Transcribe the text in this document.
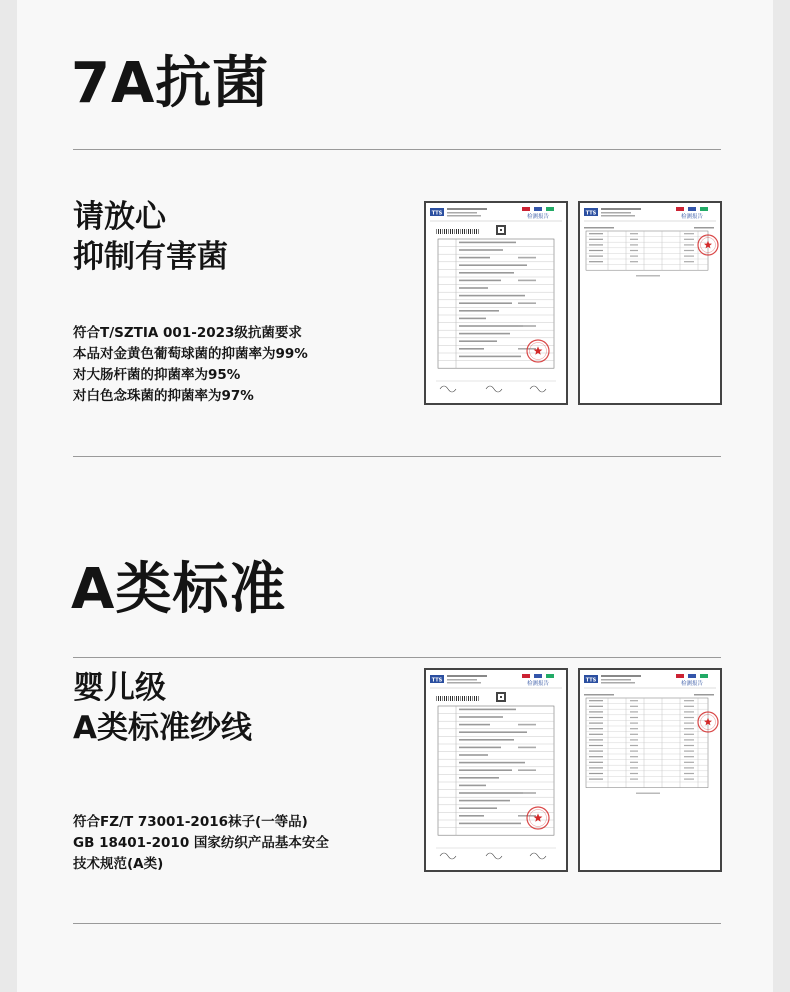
7A抗菌
请放心
抑制有害菌

符合T/SZTIA 001-2023级抗菌要求
本品对金黄色葡萄球菌的抑菌率为99%
对大肠杆菌的抑菌率为95%
对白色念珠菌的抑菌率为97%

TTS
检测报告
TTS
检测报告
A类标准
婴儿级
A类标准纱线

符合FZ/T 73001-2016袜子(一等品)
GB 18401-2010 国家纺织产品基本安全
技术规范(A类)

TTS
检测报告
TTS
检测报告
